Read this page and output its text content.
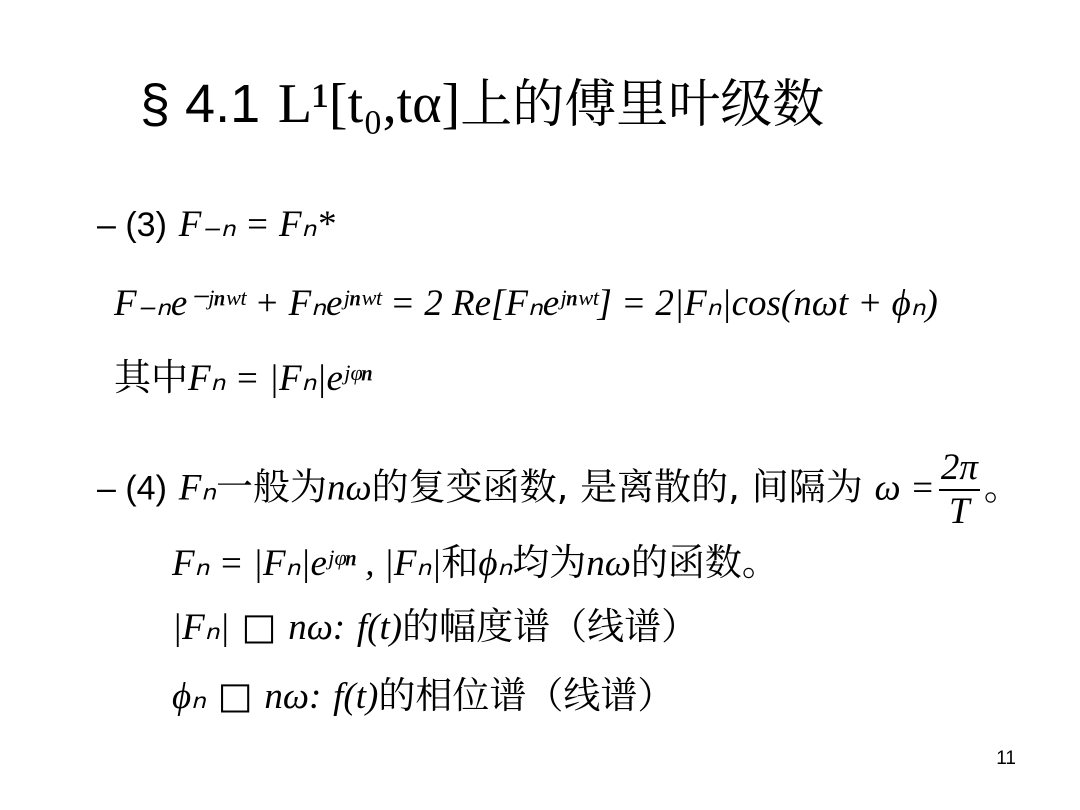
§ 4.1 L¹[t₀,tα]上的傅里叶级数
– (3) F₋ₙ = Fₙ*
F₋ₙe⁻ʲⁿʷᵗ + Fₙeʲⁿʷᵗ = 2 Re[Fₙeʲⁿʷᵗ] = 2|Fₙ|cos(nωt + ϕₙ)
其中Fₙ = |Fₙ|eʲᵠⁿ
– (4) Fₙ一般为nω的复变函数, 是离散的, 间隔为 $\omega = \frac{2\pi}{T}$ 。
Fₙ = |Fₙ|eʲᵠⁿ , |Fₙ|和ϕₙ均为nω的函数。
|Fₙ| □ nω: f(t)的幅度谱（线谱）
ϕₙ □ nω: f(t)的相位谱（线谱）
11
